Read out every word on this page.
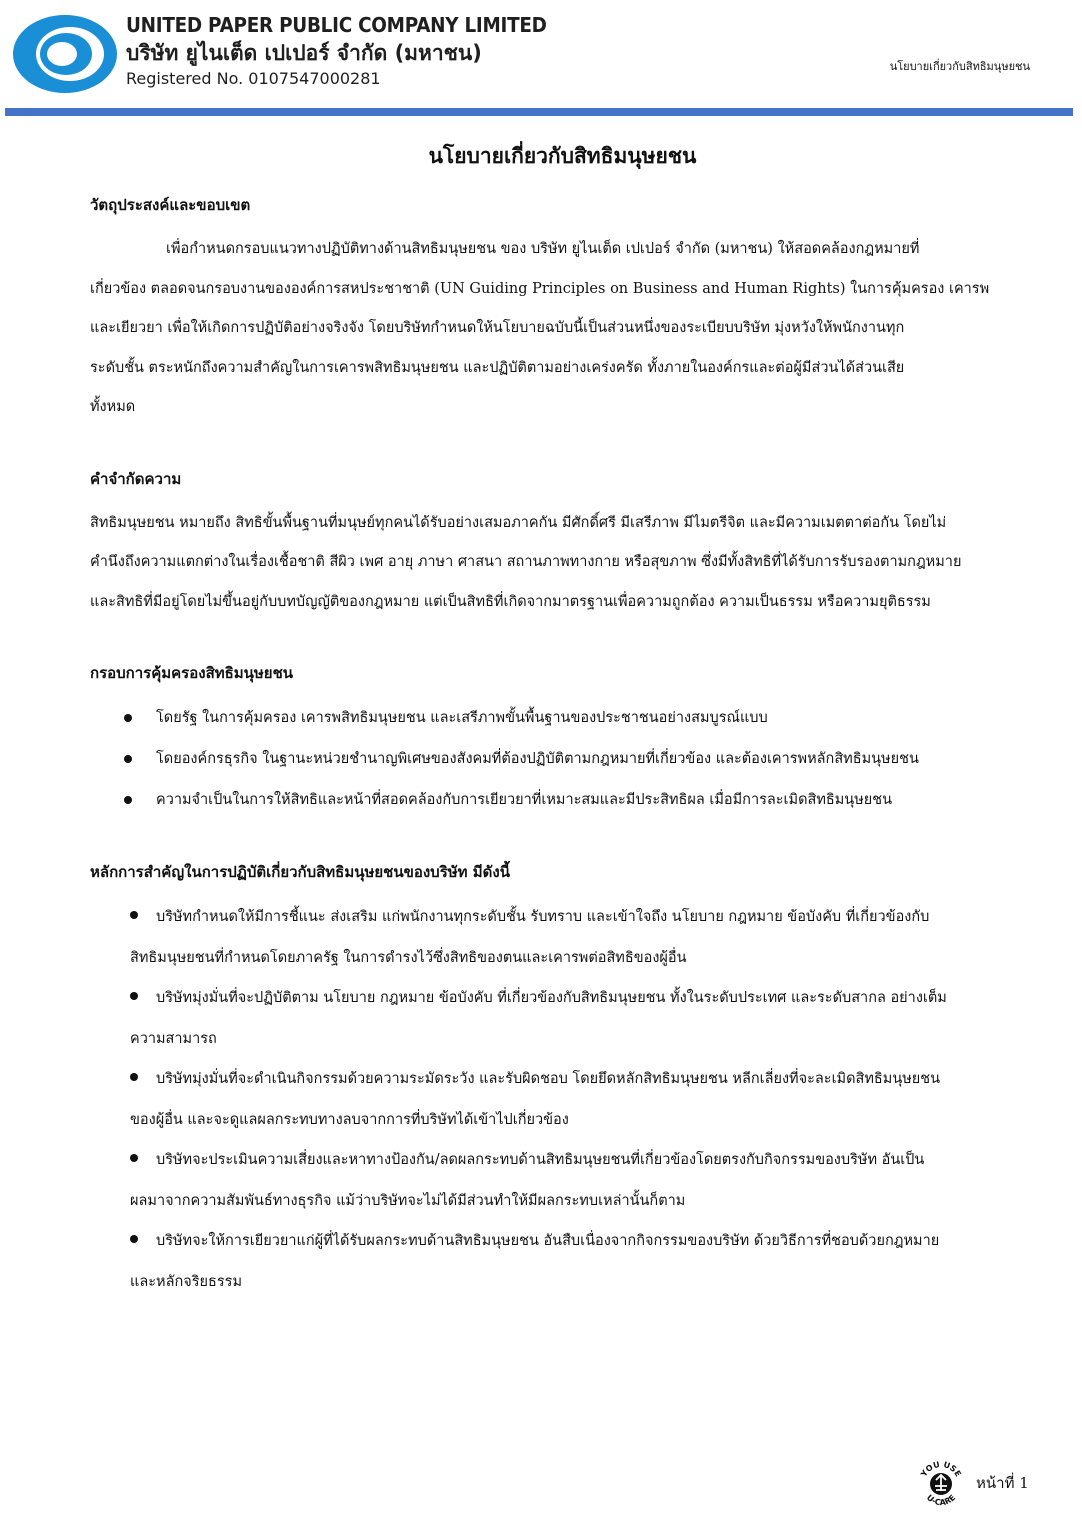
UNITED PAPER PUBLIC COMPANY LIMITED
บริษัท ยูไนเต็ด เปเปอร์ จำกัด (มหาชน)
Registered No. 0107547000281
นโยบายเกี่ยวกับสิทธิมนุษยชน
นโยบายเกี่ยวกับสิทธิมนุษยชน
วัตถุประสงค์และขอบเขต

เพื่อกำหนดกรอบแนวทางปฏิบัติทางด้านสิทธิมนุษยชน ของ บริษัท ยูไนเต็ด เปเปอร์ จำกัด (มหาชน) ให้สอดคล้องกฎหมายที่
เกี่ยวข้อง ตลอดจนกรอบงานขององค์การสหประชาชาติ (UN Guiding Principles on Business and Human Rights) ในการคุ้มครอง เคารพ
และเยียวยา เพื่อให้เกิดการปฏิบัติอย่างจริงจัง โดยบริษัทกำหนดให้นโยบายฉบับนี้เป็นส่วนหนึ่งของระเบียบบริษัท มุ่งหวังให้พนักงานทุก
ระดับชั้น ตระหนักถึงความสำคัญในการเคารพสิทธิมนุษยชน และปฏิบัติตามอย่างเคร่งครัด ทั้งภายในองค์กรและต่อผู้มีส่วนได้ส่วนเสีย
ทั้งหมด

คำจำกัดความ

สิทธิมนุษยชน หมายถึง สิทธิขั้นพื้นฐานที่มนุษย์ทุกคนได้รับอย่างเสมอภาคกัน มีศักดิ์ศรี มีเสรีภาพ มีไมตรีจิต และมีความเมตตาต่อกัน โดยไม่
คำนึงถึงความแตกต่างในเรื่องเชื้อชาติ สีผิว เพศ อายุ ภาษา ศาสนา สถานภาพทางกาย หรือสุขภาพ ซึ่งมีทั้งสิทธิที่ได้รับการรับรองตามกฎหมาย
และสิทธิที่มีอยู่โดยไม่ขึ้นอยู่กับบทบัญญัติของกฎหมาย แต่เป็นสิทธิที่เกิดจากมาตรฐานเพื่อความถูกต้อง ความเป็นธรรม หรือความยุติธรรม

กรอบการคุ้มครองสิทธิมนุษยชน
โดยรัฐ ในการคุ้มครอง เคารพสิทธิมนุษยชน และเสรีภาพขั้นพื้นฐานของประชาชนอย่างสมบูรณ์แบบ
โดยองค์กรธุรกิจ ในฐานะหน่วยชำนาญพิเศษของสังคมที่ต้องปฏิบัติตามกฎหมายที่เกี่ยวข้อง และต้องเคารพหลักสิทธิมนุษยชน
ความจำเป็นในการให้สิทธิและหน้าที่สอดคล้องกับการเยียวยาที่เหมาะสมและมีประสิทธิผล เมื่อมีการละเมิดสิทธิมนุษยชน
หลักการสำคัญในการปฏิบัติเกี่ยวกับสิทธิมนุษยชนของบริษัท มีดังนี้
บริษัทกำหนดให้มีการชี้แนะ ส่งเสริม แก่พนักงานทุกระดับชั้น รับทราบ และเข้าใจถึง นโยบาย กฎหมาย ข้อบังคับ ที่เกี่ยวข้องกับ
สิทธิมนุษยชนที่กำหนดโดยภาครัฐ ในการดำรงไว้ซึ่งสิทธิของตนและเคารพต่อสิทธิของผู้อื่น
บริษัทมุ่งมั่นที่จะปฏิบัติตาม นโยบาย กฎหมาย ข้อบังคับ ที่เกี่ยวข้องกับสิทธิมนุษยชน ทั้งในระดับประเทศ และระดับสากล อย่างเต็ม
ความสามารถ
บริษัทมุ่งมั่นที่จะดำเนินกิจกรรมด้วยความระมัดระวัง และรับผิดชอบ โดยยึดหลักสิทธิมนุษยชน หลีกเลี่ยงที่จะละเมิดสิทธิมนุษยชน
ของผู้อื่น และจะดูแลผลกระทบทางลบจากการที่บริษัทได้เข้าไปเกี่ยวข้อง
บริษัทจะประเมินความเสี่ยงและหาทางป้องกัน/ลดผลกระทบด้านสิทธิมนุษยชนที่เกี่ยวข้องโดยตรงกับกิจกรรมของบริษัท อันเป็น
ผลมาจากความสัมพันธ์ทางธุรกิจ แม้ว่าบริษัทจะไม่ได้มีส่วนทำให้มีผลกระทบเหล่านั้นก็ตาม
บริษัทจะให้การเยียวยาแก่ผู้ที่ได้รับผลกระทบด้านสิทธิมนุษยชน อันสืบเนื่องจากกิจกรรมของบริษัท ด้วยวิธีการที่ชอบด้วยกฎหมาย
และหลักจริยธรรม
YOU USE
U-CARE
หน้าที่ 1
